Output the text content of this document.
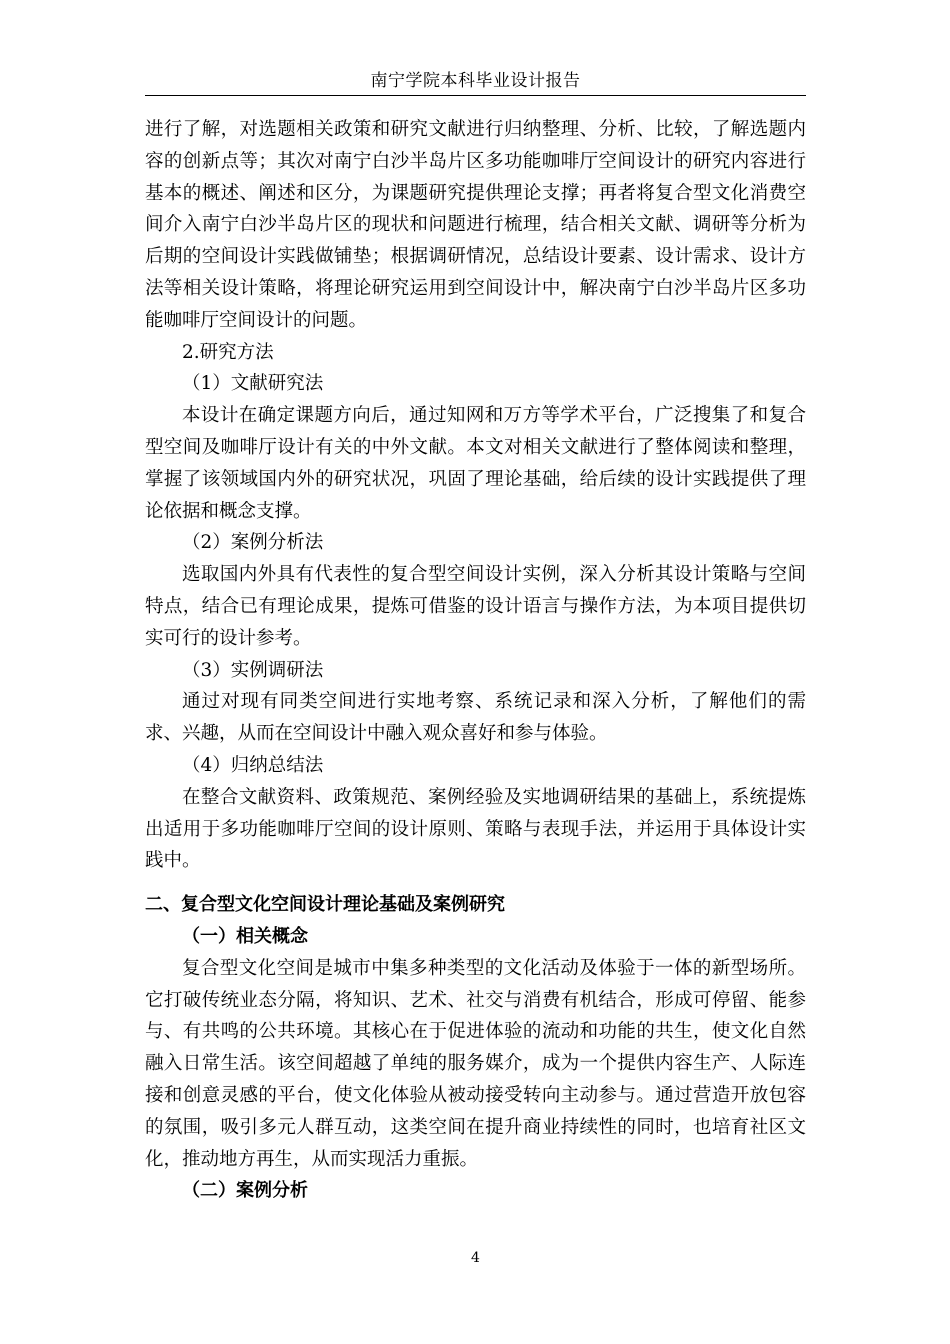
南宁学院本科毕业设计报告

进行了解，对选题相关政策和研究文献进行归纳整理、分析、比较，了解选题内容的创新点等；其次对南宁白沙半岛片区多功能咖啡厅空间设计的研究内容进行基本的概述、阐述和区分，为课题研究提供理论支撑；再者将复合型文化消费空间介入南宁白沙半岛片区的现状和问题进行梳理，结合相关文献、调研等分析为后期的空间设计实践做铺垫；根据调研情况，总结设计要素、设计需求、设计方法等相关设计策略，将理论研究运用到空间设计中，解决南宁白沙半岛片区多功能咖啡厅空间设计的问题。

2.研究方法

（1）文献研究法

本设计在确定课题方向后，通过知网和万方等学术平台，广泛搜集了和复合型空间及咖啡厅设计有关的中外文献。本文对相关文献进行了整体阅读和整理，掌握了该领域国内外的研究状况，巩固了理论基础，给后续的设计实践提供了理论依据和概念支撑。

（2）案例分析法

选取国内外具有代表性的复合型空间设计实例，深入分析其设计策略与空间特点，结合已有理论成果，提炼可借鉴的设计语言与操作方法，为本项目提供切实可行的设计参考。

（3）实例调研法

通过对现有同类空间进行实地考察、系统记录和深入分析，了解他们的需求、兴趣，从而在空间设计中融入观众喜好和参与体验。

（4）归纳总结法

在整合文献资料、政策规范、案例经验及实地调研结果的基础上，系统提炼出适用于多功能咖啡厅空间的设计原则、策略与表现手法，并运用于具体设计实践中。

二、复合型文化空间设计理论基础及案例研究

（一）相关概念

复合型文化空间是城市中集多种类型的文化活动及体验于一体的新型场所。它打破传统业态分隔，将知识、艺术、社交与消费有机结合，形成可停留、能参与、有共鸣的公共环境。其核心在于促进体验的流动和功能的共生，使文化自然融入日常生活。该空间超越了单纯的服务媒介，成为一个提供内容生产、人际连接和创意灵感的平台，使文化体验从被动接受转向主动参与。通过营造开放包容的氛围，吸引多元人群互动，这类空间在提升商业持续性的同时，也培育社区文化，推动地方再生，从而实现活力重振。

（二）案例分析

4
